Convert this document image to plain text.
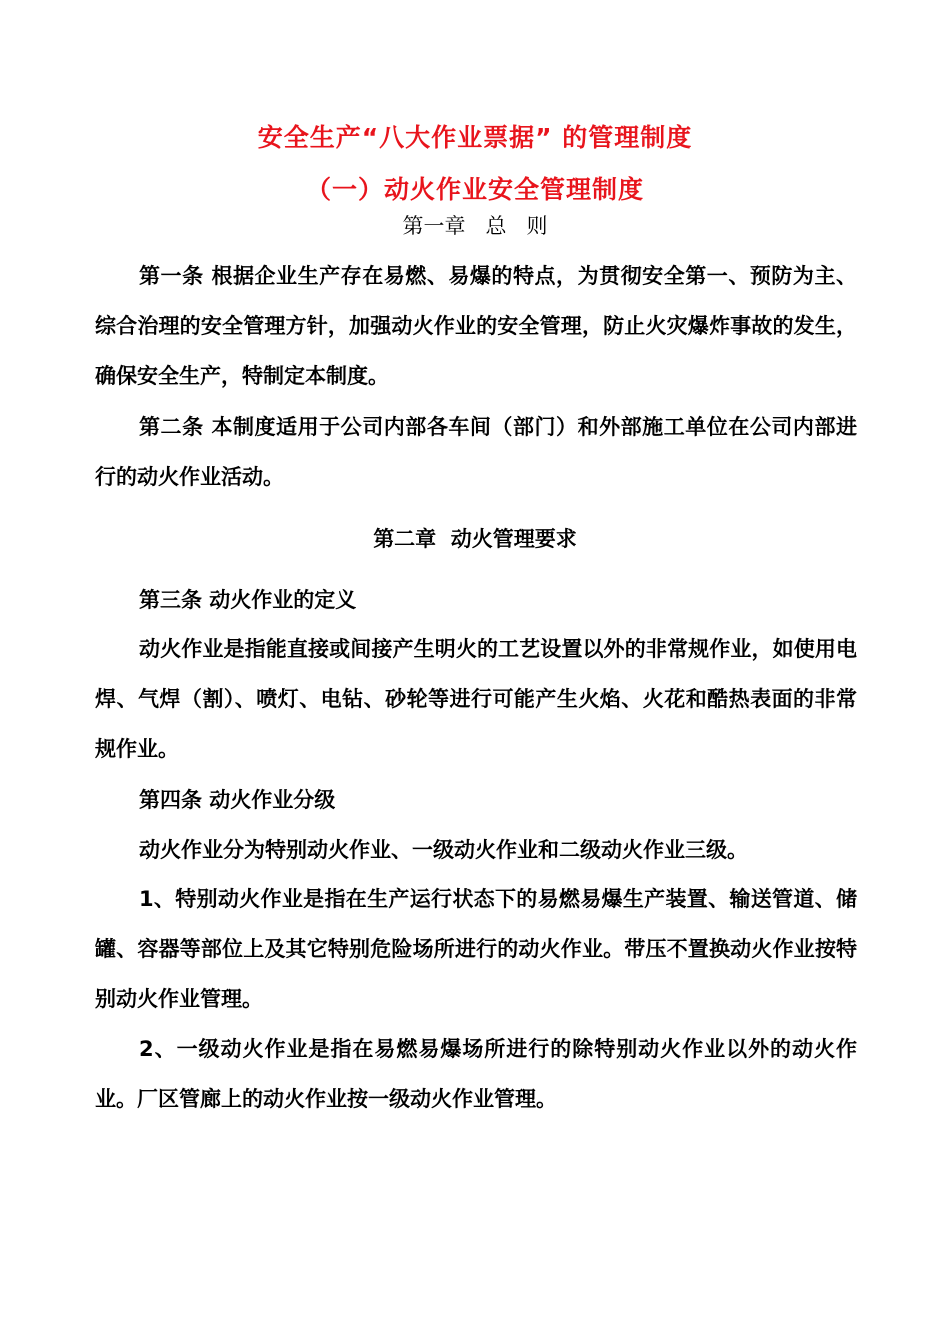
安全生产“八大作业票据” 的管理制度
（一）动火作业安全管理制度
第一章   总   则
第一条 根据企业生产存在易燃、易爆的特点，为贯彻安全第一、预防为主、综合治理的安全管理方针，加强动火作业的安全管理，防止火灾爆炸事故的发生，确保安全生产，特制定本制度。
第二条 本制度适用于公司内部各车间（部门）和外部施工单位在公司内部进行的动火作业活动。
第二章  动火管理要求
第三条 动火作业的定义
动火作业是指能直接或间接产生明火的工艺设置以外的非常规作业，如使用电焊、气焊（割）、喷灯、电钻、砂轮等进行可能产生火焰、火花和酷热表面的非常规作业。
第四条 动火作业分级
动火作业分为特别动火作业、一级动火作业和二级动火作业三级。
1、特别动火作业是指在生产运行状态下的易燃易爆生产装置、输送管道、储罐、容器等部位上及其它特别危险场所进行的动火作业。带压不置换动火作业按特别动火作业管理。
2、一级动火作业是指在易燃易爆场所进行的除特别动火作业以外的动火作业。厂区管廊上的动火作业按一级动火作业管理。
